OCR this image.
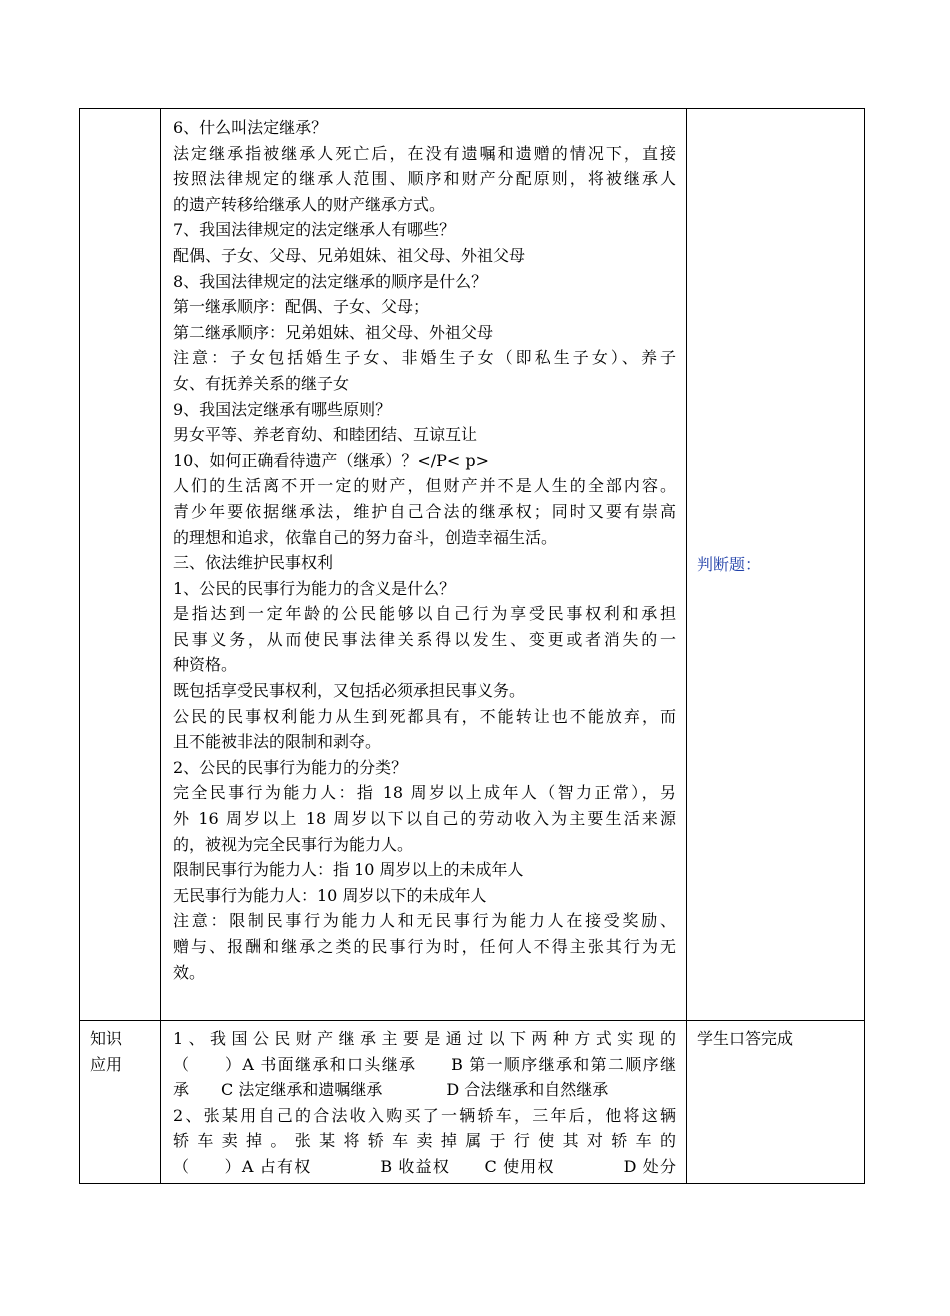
6、什么叫法定继承？
法定继承指被继承人死亡后，在没有遗嘱和遗赠的情况下，直接
按照法律规定的继承人范围、顺序和财产分配原则，将被继承人
的遗产转移给继承人的财产继承方式。
7、我国法律规定的法定继承人有哪些？
配偶、子女、父母、兄弟姐妹、祖父母、外祖父母
8、我国法律规定的法定继承的顺序是什么？
第一继承顺序：配偶、子女、父母；
第二继承顺序：兄弟姐妹、祖父母、外祖父母
注意：子女包括婚生子女、非婚生子女（即私生子女）、养子
女、有抚养关系的继子女
9、我国法定继承有哪些原则？
男女平等、养老育幼、和睦团结、互谅互让
10、如何正确看待遗产（继承）？</P< p>
人们的生活离不开一定的财产，但财产并不是人生的全部内容。
青少年要依据继承法，维护自己合法的继承权；同时又要有崇高
的理想和追求，依靠自己的努力奋斗，创造幸福生活。
三、依法维护民事权利
1、公民的民事行为能力的含义是什么？
是指达到一定年龄的公民能够以自己行为享受民事权利和承担
民事义务，从而使民事法律关系得以发生、变更或者消失的一
种资格。
既包括享受民事权利，又包括必须承担民事义务。
公民的民事权利能力从生到死都具有，不能转让也不能放弃，而
且不能被非法的限制和剥夺。
2、公民的民事行为能力的分类？
完全民事行为能力人：指 18 周岁以上成年人（智力正常），另
外 16 周岁以上 18 周岁以下以自己的劳动收入为主要生活来源
的，被视为完全民事行为能力人。
限制民事行为能力人：指 10 周岁以上的未成年人
无民事行为能力人：10 周岁以下的未成年人
注意：限制民事行为能力人和无民事行为能力人在接受奖励、
赠与、报酬和继承之类的民事行为时，任何人不得主张其行为无
效。
判断题：
知识
应用
1、我国公民财产继承主要是通过以下两种方式实现的
（　　）A 书面继承和口头继承　　B 第一顺序继承和第二顺序继
承　　C 法定继承和遗嘱继承　　　　D 合法继承和自然继承
2、张某用自己的合法收入购买了一辆轿车，三年后，他将这辆
轿车卖掉。张某将轿车卖掉属于行使其对轿车的
（　　）A 占有权　　　　B 收益权　　C 使用权　　　　D 处分
学生口答完成
